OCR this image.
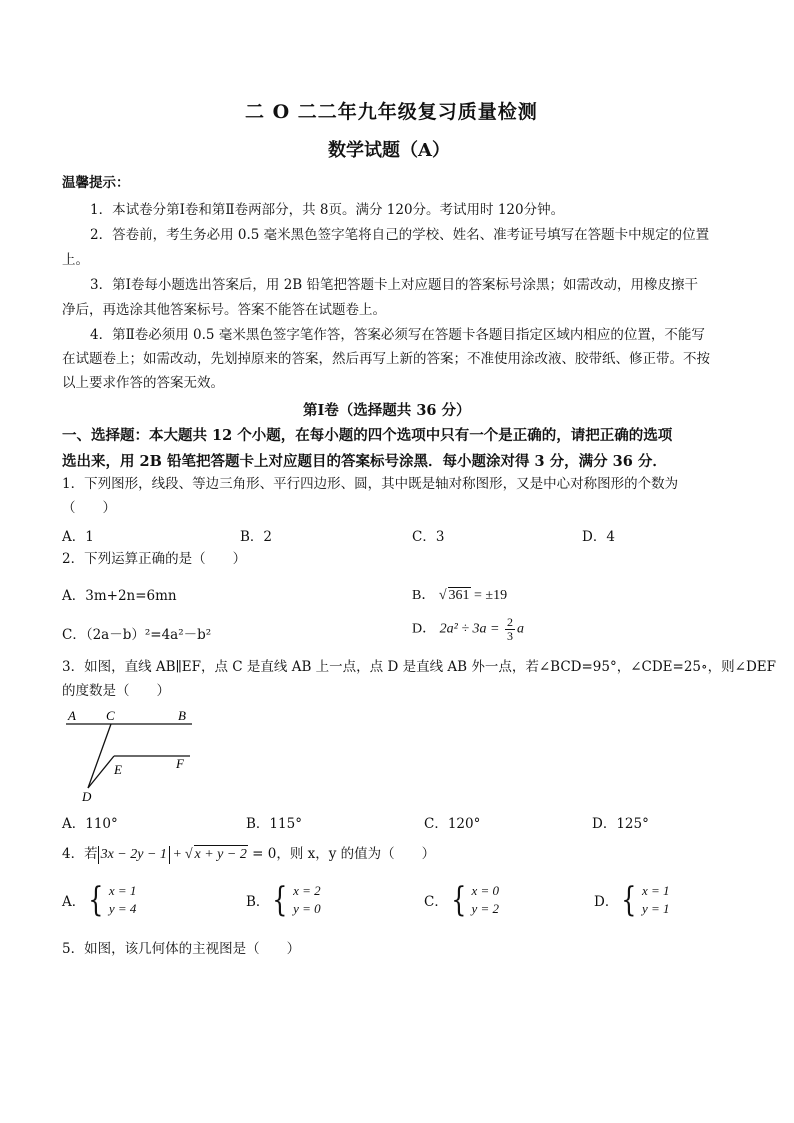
二 O 二二年九年级复习质量检测
数学试题（A）
温馨提示：
1．本试卷分第Ⅰ卷和第Ⅱ卷两部分，共 8页。满分 120分。考试用时 120分钟。
2．答卷前，考生务必用 0.5 毫米黑色签字笔将自己的学校、姓名、准考证号填写在答题卡中规定的位置
上。
3．第Ⅰ卷每小题选出答案后，用 2B 铅笔把答题卡上对应题目的答案标号涂黑；如需改动，用橡皮擦干
净后，再选涂其他答案标号。答案不能答在试题卷上。
4．第Ⅱ卷必须用 0.5 毫米黑色签字笔作答，答案必须写在答题卡各题目指定区域内相应的位置，不能写
在试题卷上；如需改动，先划掉原来的答案，然后再写上新的答案；不准使用涂改液、胶带纸、修正带。不按
以上要求作答的答案无效。
第Ⅰ卷（选择题共 36 分）
一、选择题：本大题共 12 个小题，在每小题的四个选项中只有一个是正确的，请把正确的选项
选出来，用 2B 铅笔把答题卡上对应题目的答案标号涂黑．每小题涂对得 3 分，满分 36 分．
1．下列图形，线段、等边三角形、平行四边形、圆，其中既是轴对称图形，又是中心对称图形的个数为
（　　）
A．1	B．2	C．3	D．4
2．下列运算正确的是（　　）
A．3m+2n=6mn	B． √ 361 = ±19
C．（2a－b）²=4a²－b²	D． $2a^2 \div 3a = \frac{2}{3}$ a
3．如图，直线 AB∥EF，点 C 是直线 AB 上一点，点 D 是直线 AB 外一点，若∠BCD=95°，∠CDE=25∘，则∠DEF
的度数是（　　）
A C	B
E	F
D
A．110°	B．115°	C．120°	D．125°
4．若 3x − 2y − 1 + √ x + y − 2 = 0，则 x，y 的值为（　　）
A． { x = 1
y = 4	B． { x = 2
y = 0	C． { x = 0
y = 2	D． { x = 1
y = 1
5．如图，该几何体的主视图是（　　）
